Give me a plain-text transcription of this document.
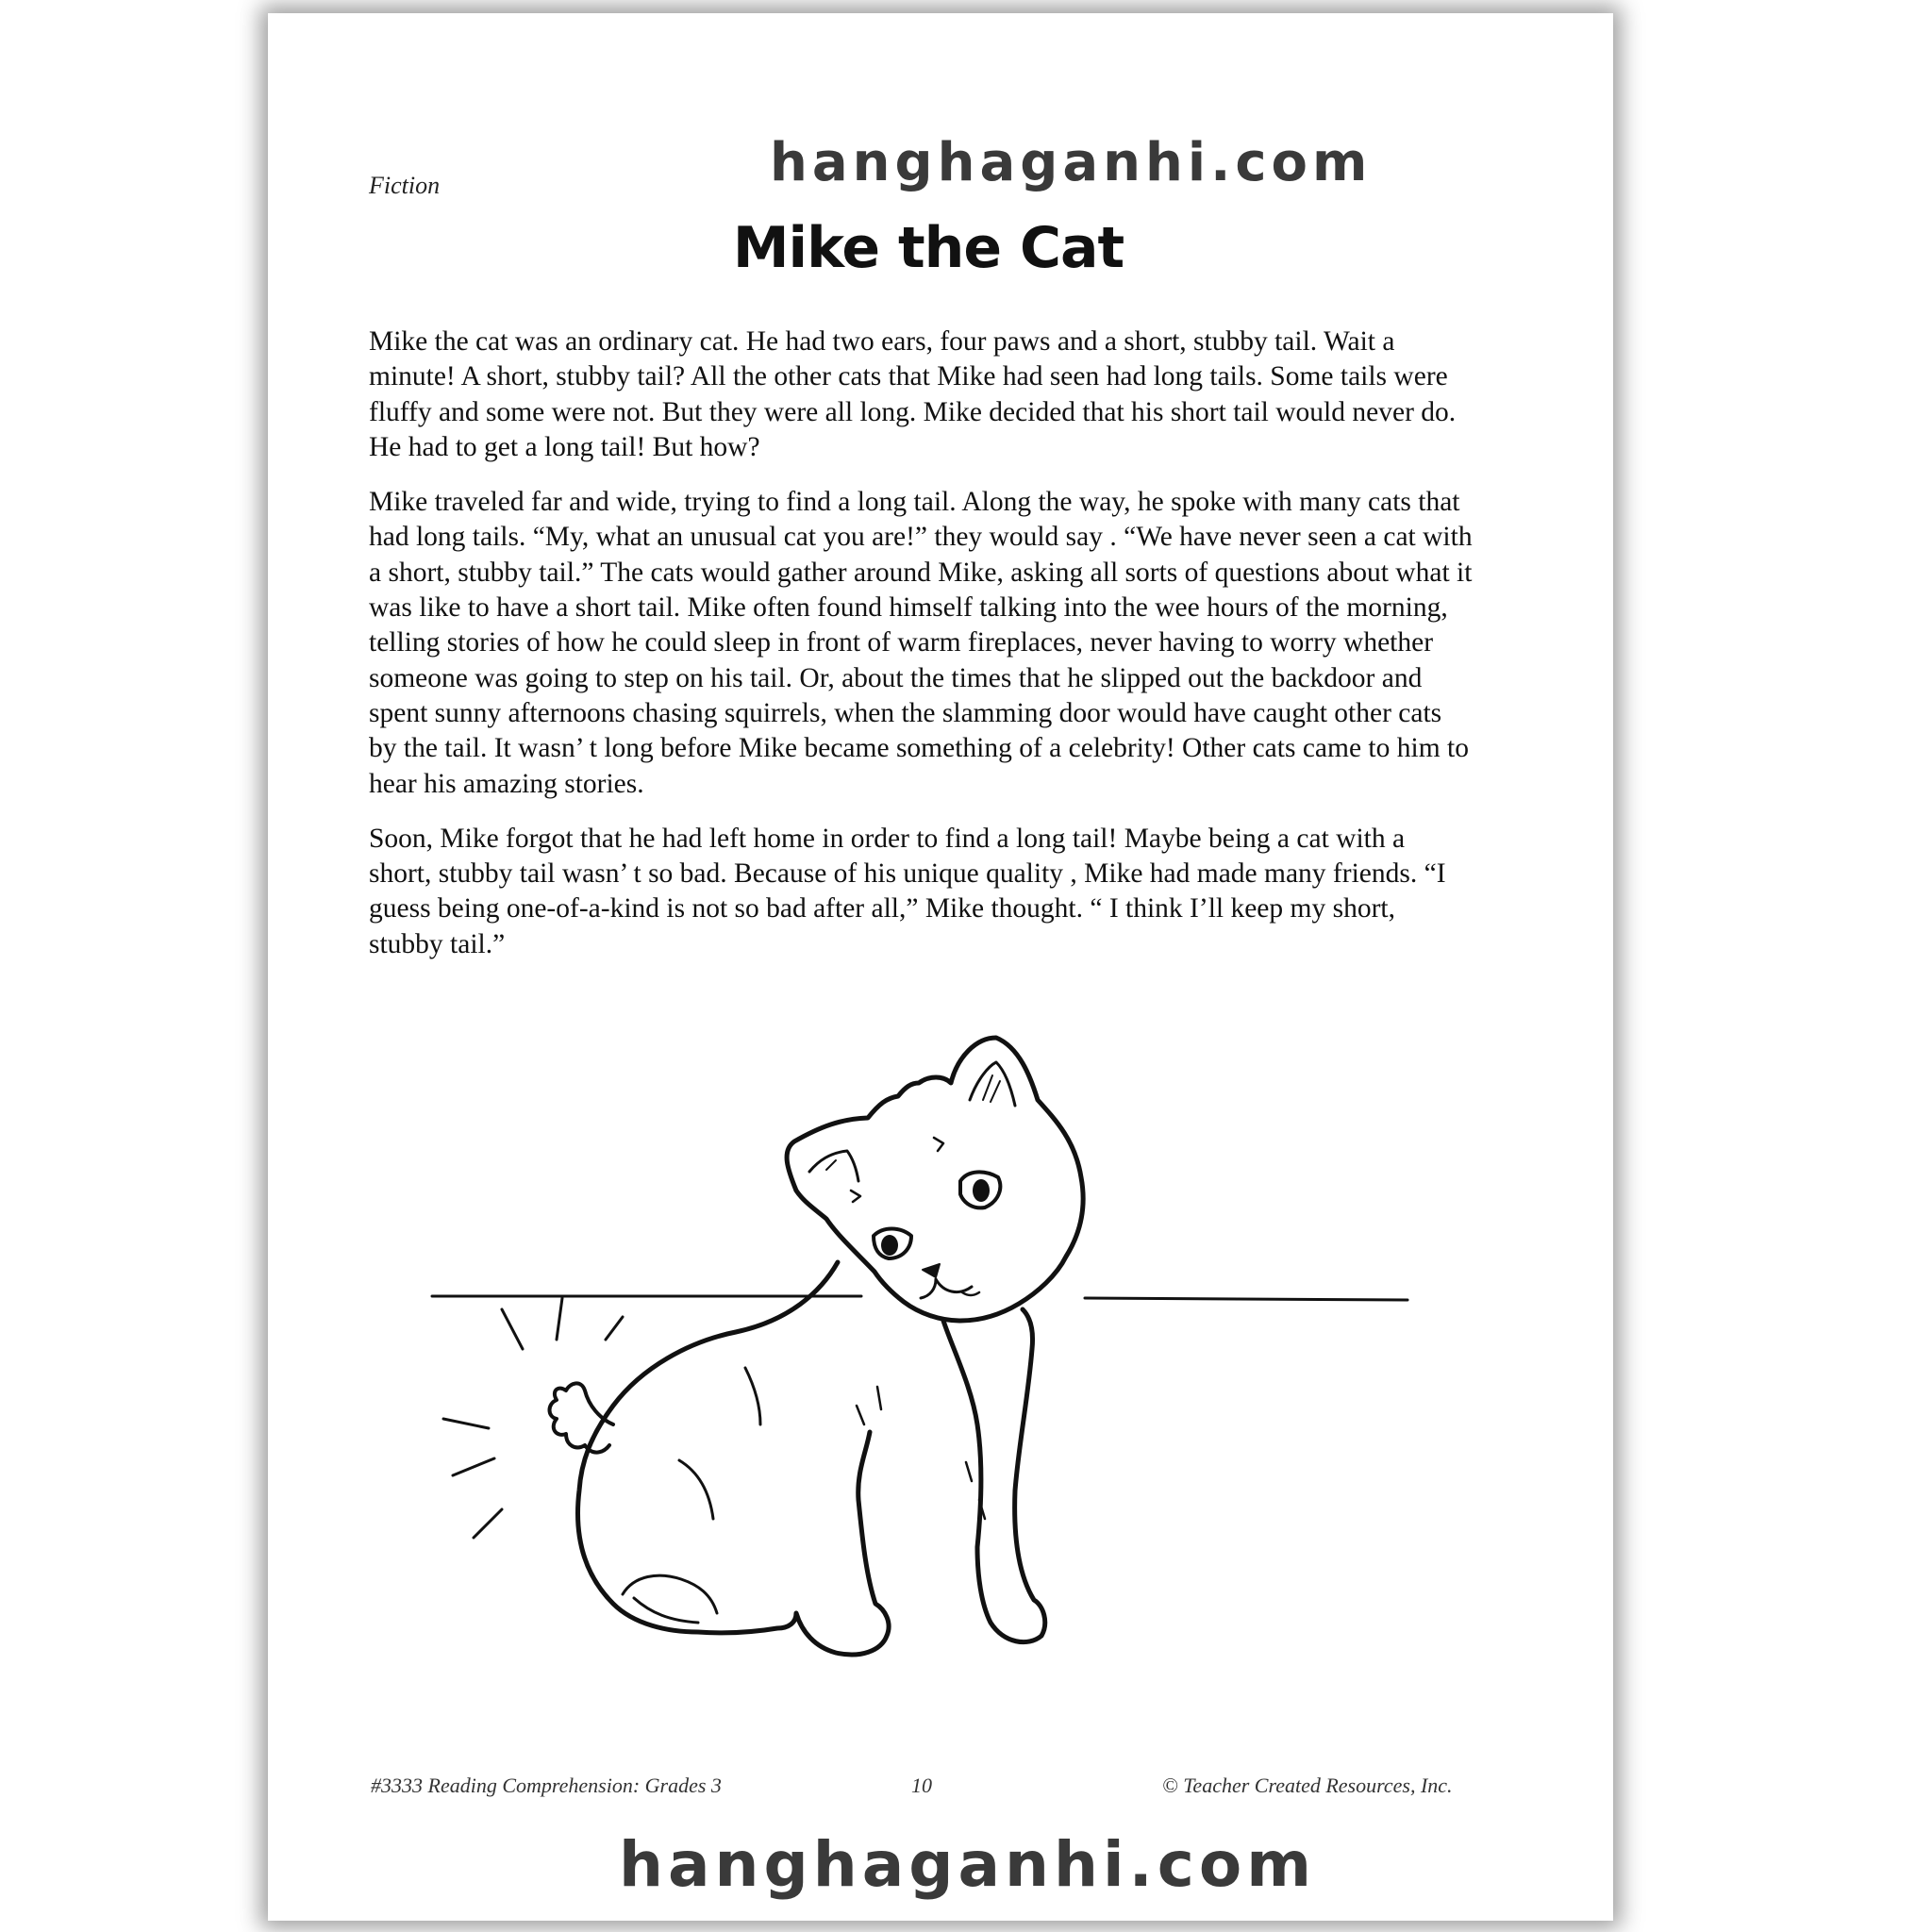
hanghaganhi.com
Fiction
Mike the Cat

Mike the cat was an ordinary cat. He had two ears, four paws and a short, stubby tail. Wait a minute! A short, stubby tail? All the other cats that Mike had seen had long tails. Some tails were fluffy and some were not. But they were all long. Mike decided that his short tail would never do. He had to get a long tail! But how?

Mike traveled far and wide, trying to find a long tail. Along the way, he spoke with many cats that had long tails. “My, what an unusual cat you are!” they would say . “We have never seen a cat with a short, stubby tail.” The cats would gather around Mike, asking all sorts of questions about what it was like to have a short tail. Mike often found himself talking into the wee hours of the morning, telling stories of how he could sleep in front of warm fireplaces, never having to worry whether someone was going to step on his tail. Or, about the times that he slipped out the backdoor and spent sunny afternoons chasing squirrels, when the slamming door would have caught other cats by the tail. It wasn’ t long before Mike became something of a celebrity! Other cats came to him to hear his amazing stories.

Soon, Mike forgot that he had left home in order to find a long tail! Maybe being a cat with a short, stubby tail wasn’ t so bad. Because of his unique quality , Mike had made many friends. “I guess being one-of-a-kind is not so bad after all,” Mike thought. “ I think I’ll keep my short, stubby tail.”

#3333 Reading Comprehension: Grades 3	10	© Teacher Created Resources, Inc.
hanghaganhi.com
